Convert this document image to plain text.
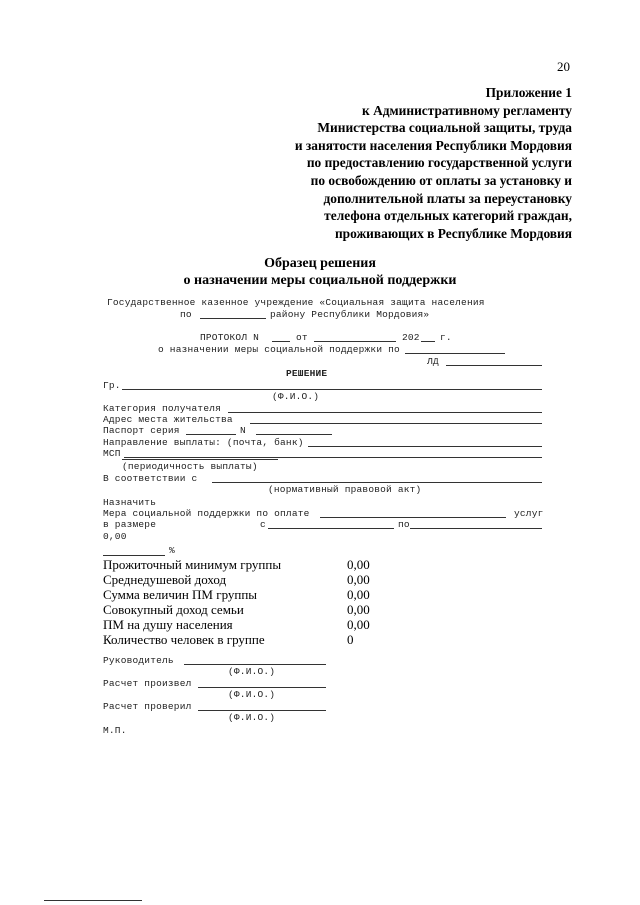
20
Приложение 1
к Административному регламенту
Министерства социальной защиты, труда
и занятости населения Республики Мордовия
по предоставлению государственной услуги
по освобождению от оплаты за установку и
дополнительной платы за переустановку
телефона отдельных категорий граждан,
проживающих в Республике Мордовия
Образец решения
о назначении меры социальной поддержки
Государственное казенное учреждение «Социальная защита населения
по	району Республики Мордовия»
ПРОТОКОЛ N	от	202 г.
о назначении меры социальной поддержки по
ЛД
РЕШЕНИЕ
Гр.
(Ф.И.О.)
Категория получателя
Адрес места жительства
Паспорт серия	N
Направление выплаты: (почта, банк)
МСП
(периодичность выплаты)
В соответствии с
(нормативный правовой акт)
Назначить
Мера социальной поддержки по оплате	услуг
в размере	с	по
0,00
%
Прожиточный минимум группы	0,00
Среднедушевой доход	0,00
Сумма величин ПМ группы	0,00
Совокупный доход семьи	0,00
ПМ на душу населения	0,00
Количество человек в группе	0
Руководитель
(Ф.И.О.)
Расчет произвел
(Ф.И.О.)
Расчет проверил
(Ф.И.О.)
М.П.
